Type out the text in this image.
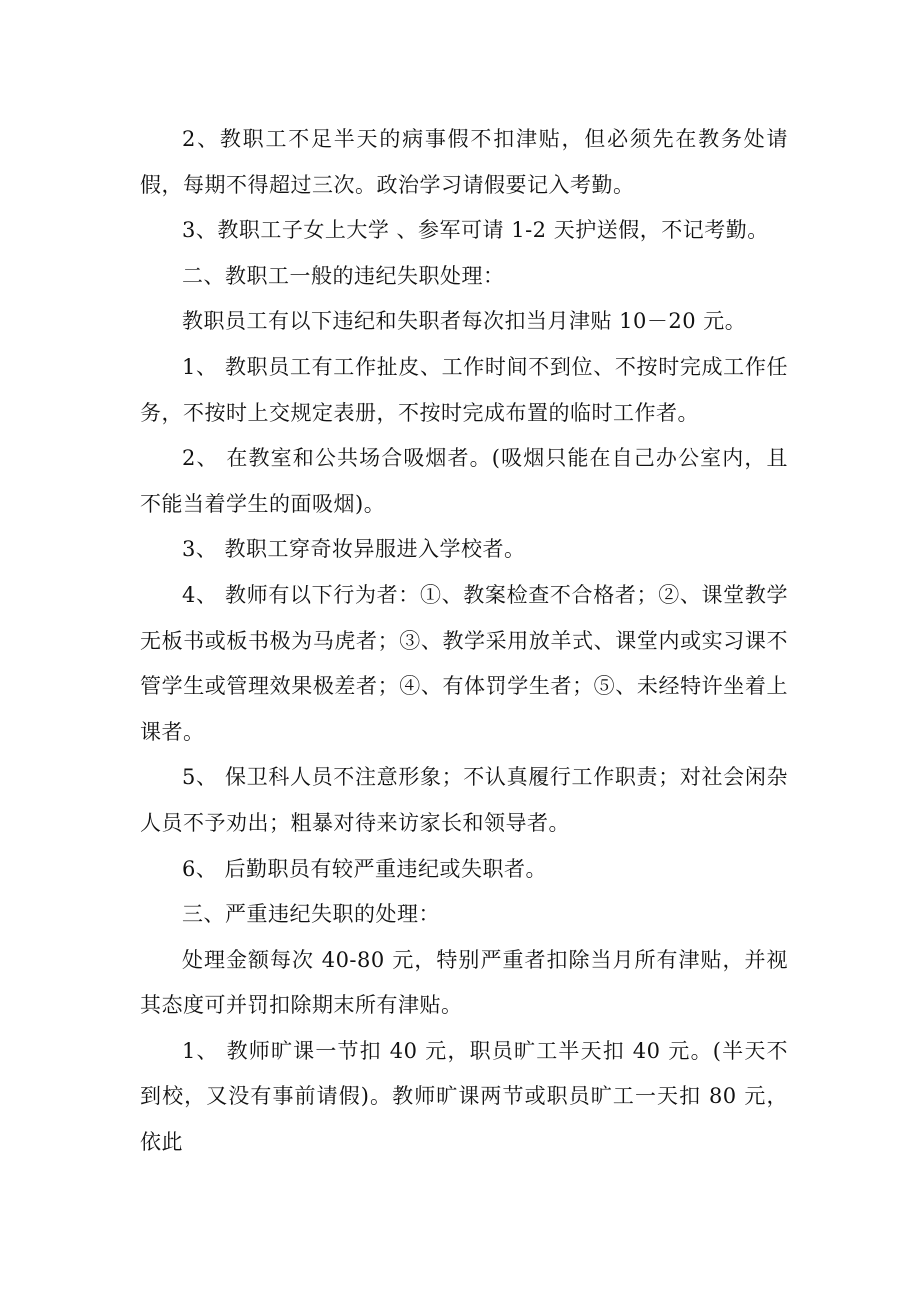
2、教职工不足半天的病事假不扣津贴，但必须先在教务处请假，每期不得超过三次。政治学习请假要记入考勤。

3、教职工子女上大学 、参军可请 1-2 天护送假，不记考勤。

二、教职工一般的违纪失职处理：

教职员工有以下违纪和失职者每次扣当月津贴 10－20 元。

1、 教职员工有工作扯皮、工作时间不到位、不按时完成工作任务，不按时上交规定表册，不按时完成布置的临时工作者。

2、 在教室和公共场合吸烟者。(吸烟只能在自己办公室内，且不能当着学生的面吸烟)。

3、 教职工穿奇妆异服进入学校者。

4、 教师有以下行为者：①、教案检查不合格者；②、课堂教学无板书或板书极为马虎者；③、教学采用放羊式、课堂内或实习课不管学生或管理效果极差者；④、有体罚学生者；⑤、未经特许坐着上课者。

5、 保卫科人员不注意形象；不认真履行工作职责；对社会闲杂人员不予劝出；粗暴对待来访家长和领导者。

6、 后勤职员有较严重违纪或失职者。

三、严重违纪失职的处理：

处理金额每次 40-80 元，特别严重者扣除当月所有津贴，并视其态度可并罚扣除期末所有津贴。

1、 教师旷课一节扣 40 元，职员旷工半天扣 40 元。(半天不到校，又没有事前请假)。教师旷课两节或职员旷工一天扣 80 元，依此
